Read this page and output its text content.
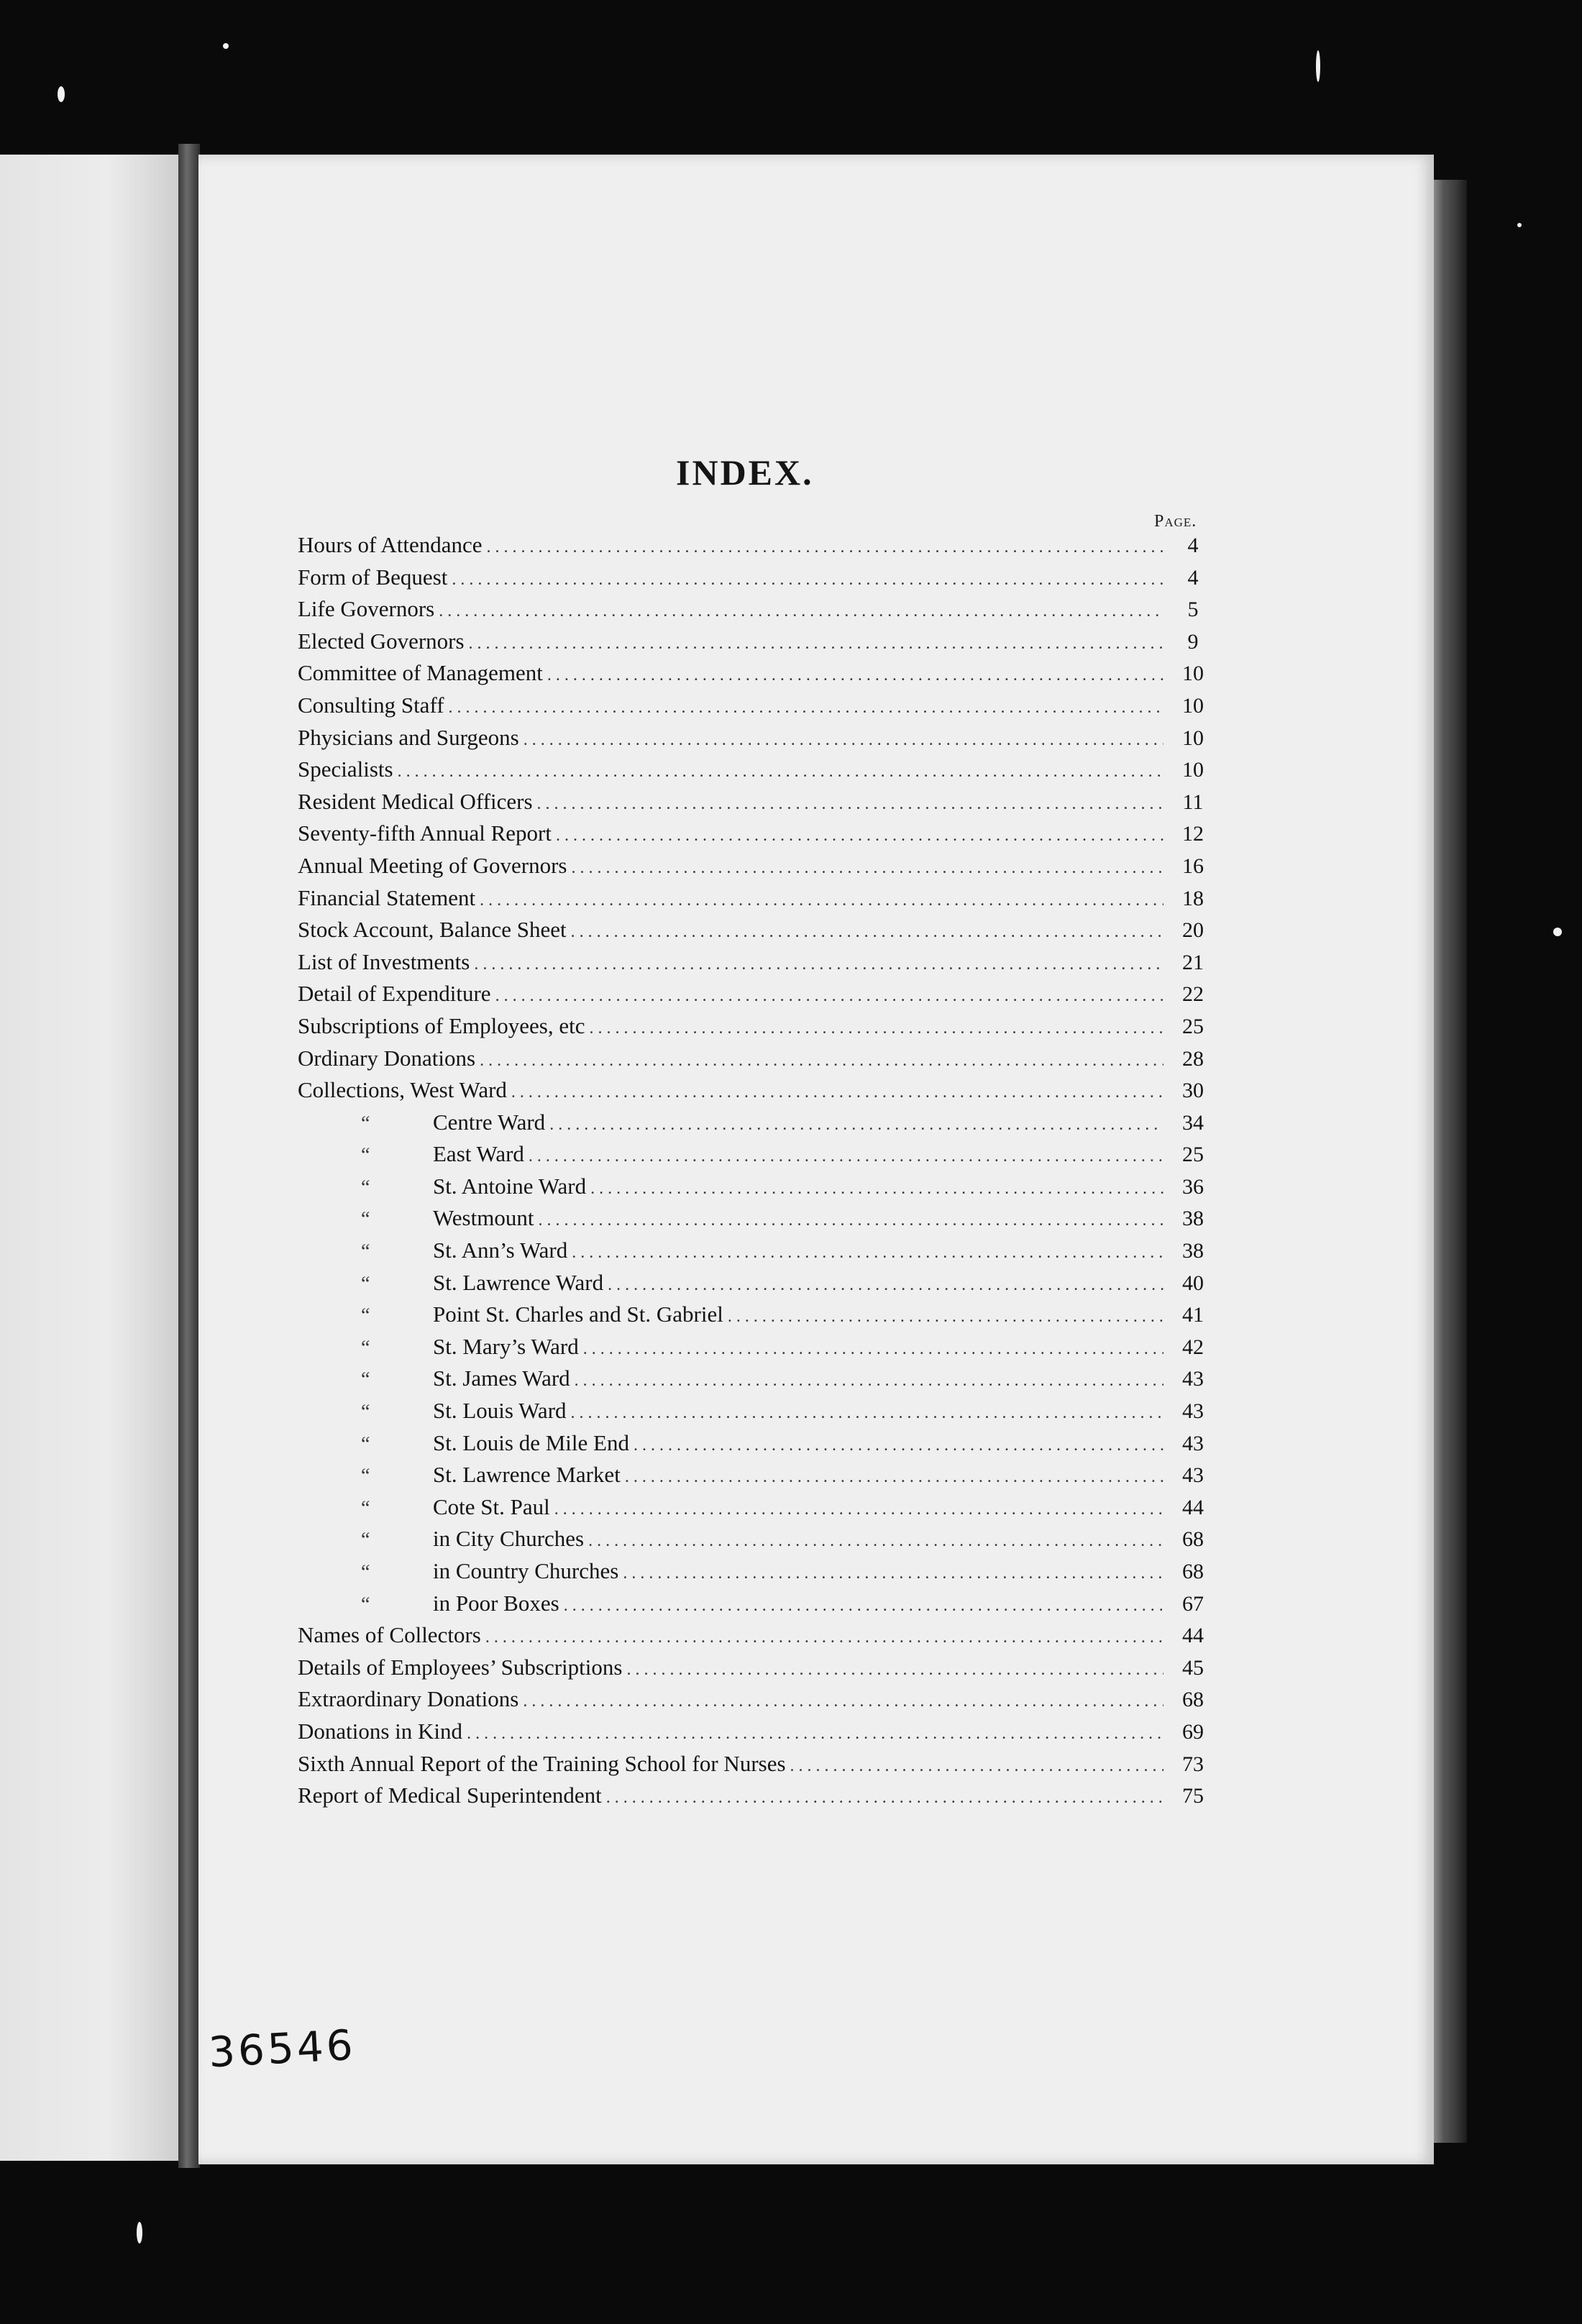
INDEX.
Page.
Hours of Attendance .....	4
Form of Bequest .....	4
Life Governors .....	5
Elected Governors .....	9
Committee of Management .....	10
Consulting Staff .....	10
Physicians and Surgeons .....	10
Specialists .....	10
Resident Medical Officers .....	11
Seventy-fifth Annual Report .....	12
Annual Meeting of Governors .....	16
Financial Statement .....	18
Stock Account, Balance Sheet .....	20
List of Investments .....	21
Detail of Expenditure .....	22
Subscriptions of Employees, etc .....	25
Ordinary Donations .....	28
Collections, West Ward .....	30
“	Centre Ward .....	34
“	East Ward .....	25
“	St. Antoine Ward .....	36
“	Westmount .....	38
“	St. Ann’s Ward .....	38
“	St. Lawrence Ward .....	40
“	Point St. Charles and St. Gabriel .....	41
“	St. Mary’s Ward .....	42
“	St. James Ward .....	43
“	St. Louis Ward .....	43
“	St. Louis de Mile End .....	43
“	St. Lawrence Market .....	43
“	Cote St. Paul .....	44
“	in City Churches .....	68
“	in Country Churches .....	68
“	in Poor Boxes .....	67
Names of Collectors .....	44
Details of Employees’ Subscriptions .....	45
Extraordinary Donations .....	68
Donations in Kind .....	69
Sixth Annual Report of the Training School for Nurses .....	73
Report of Medical Superintendent .....	75
36546
